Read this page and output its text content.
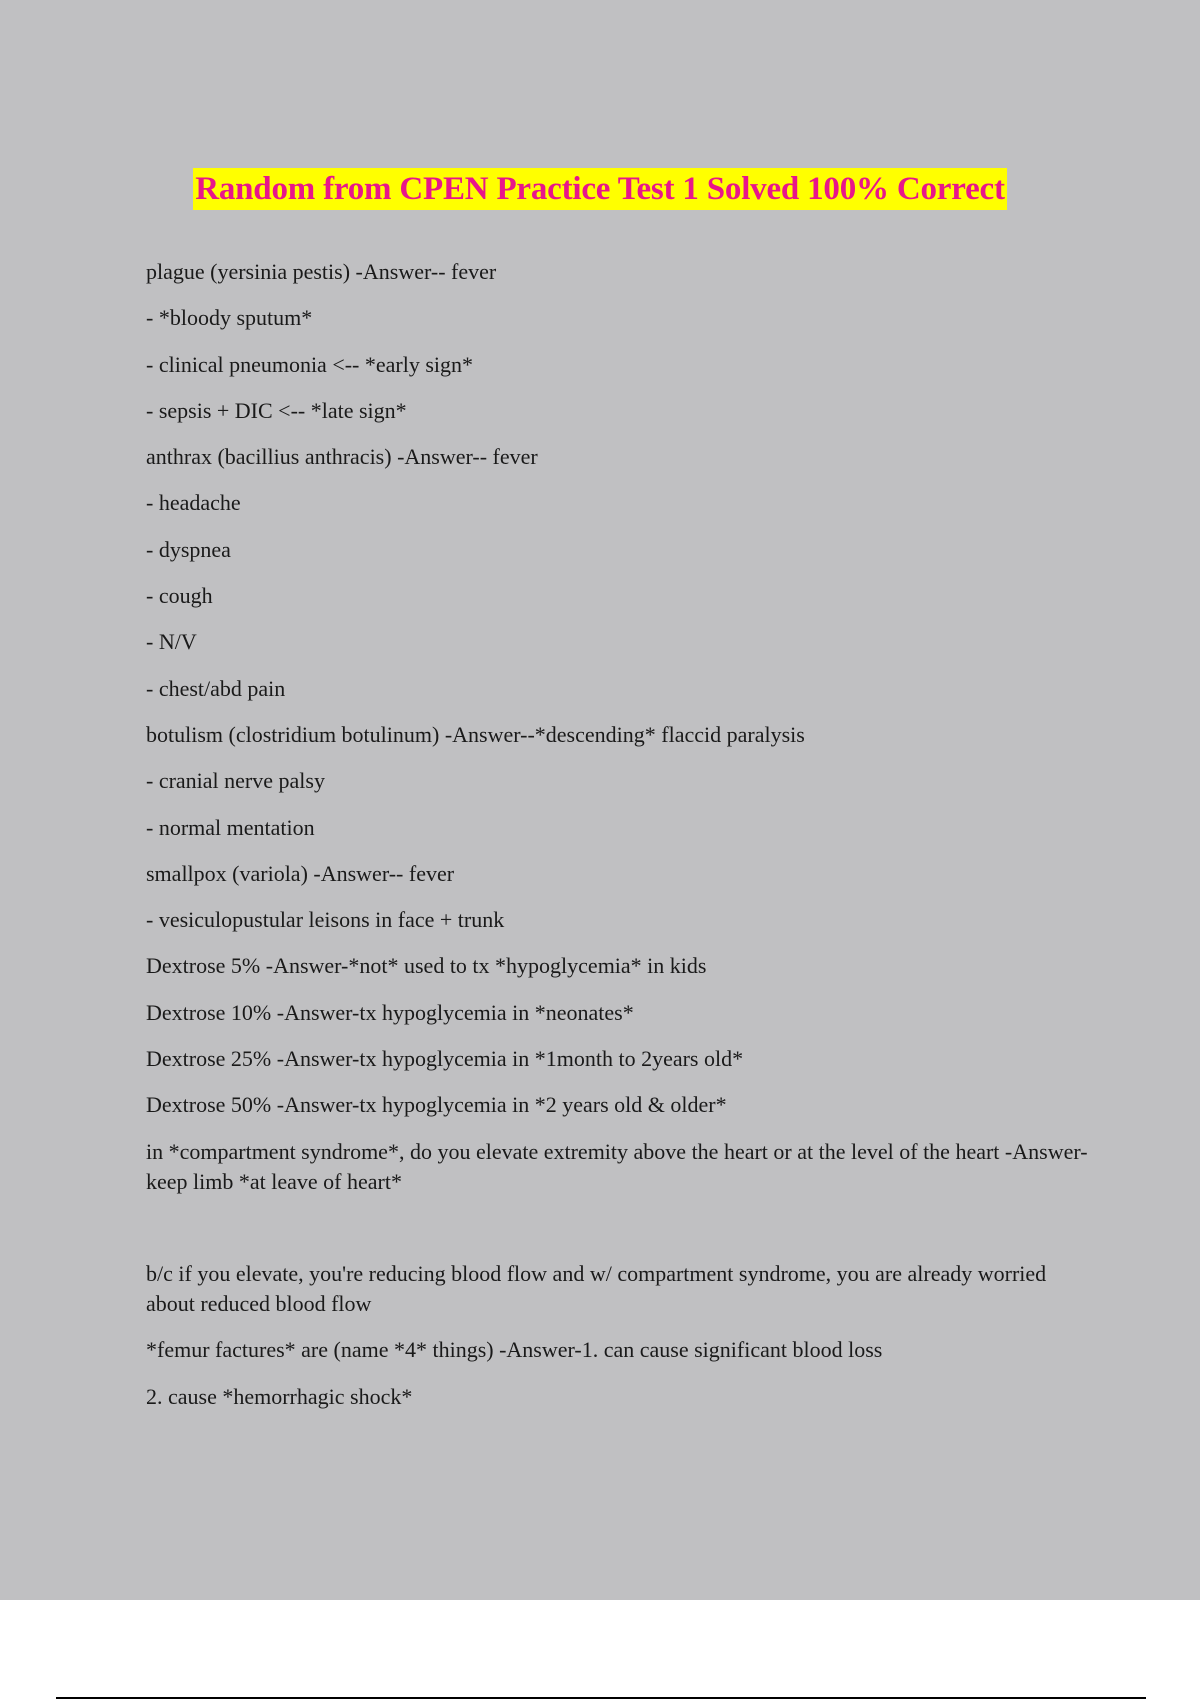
Random from CPEN Practice Test 1 Solved 100% Correct
plague (yersinia pestis) -Answer-- fever
- *bloody sputum*
- clinical pneumonia <-- *early sign*
- sepsis + DIC <-- *late sign*
anthrax (bacillius anthracis) -Answer-- fever
- headache
- dyspnea
- cough
- N/V
- chest/abd pain
botulism (clostridium botulinum) -Answer--*descending* flaccid paralysis
- cranial nerve palsy
- normal mentation
smallpox (variola) -Answer-- fever
- vesiculopustular leisons in face + trunk
Dextrose 5% -Answer-*not* used to tx *hypoglycemia* in kids
Dextrose 10% -Answer-tx hypoglycemia in *neonates*
Dextrose 25% -Answer-tx hypoglycemia in *1month to 2years old*
Dextrose 50% -Answer-tx hypoglycemia in *2 years old & older*
in *compartment syndrome*, do you elevate extremity above the heart or at the level of the heart -Answer-keep limb *at leave of heart*
b/c if you elevate, you're reducing blood flow and w/ compartment syndrome, you are already worried about reduced blood flow
*femur factures* are (name *4* things) -Answer-1. can cause significant blood loss
2. cause *hemorrhagic shock*
